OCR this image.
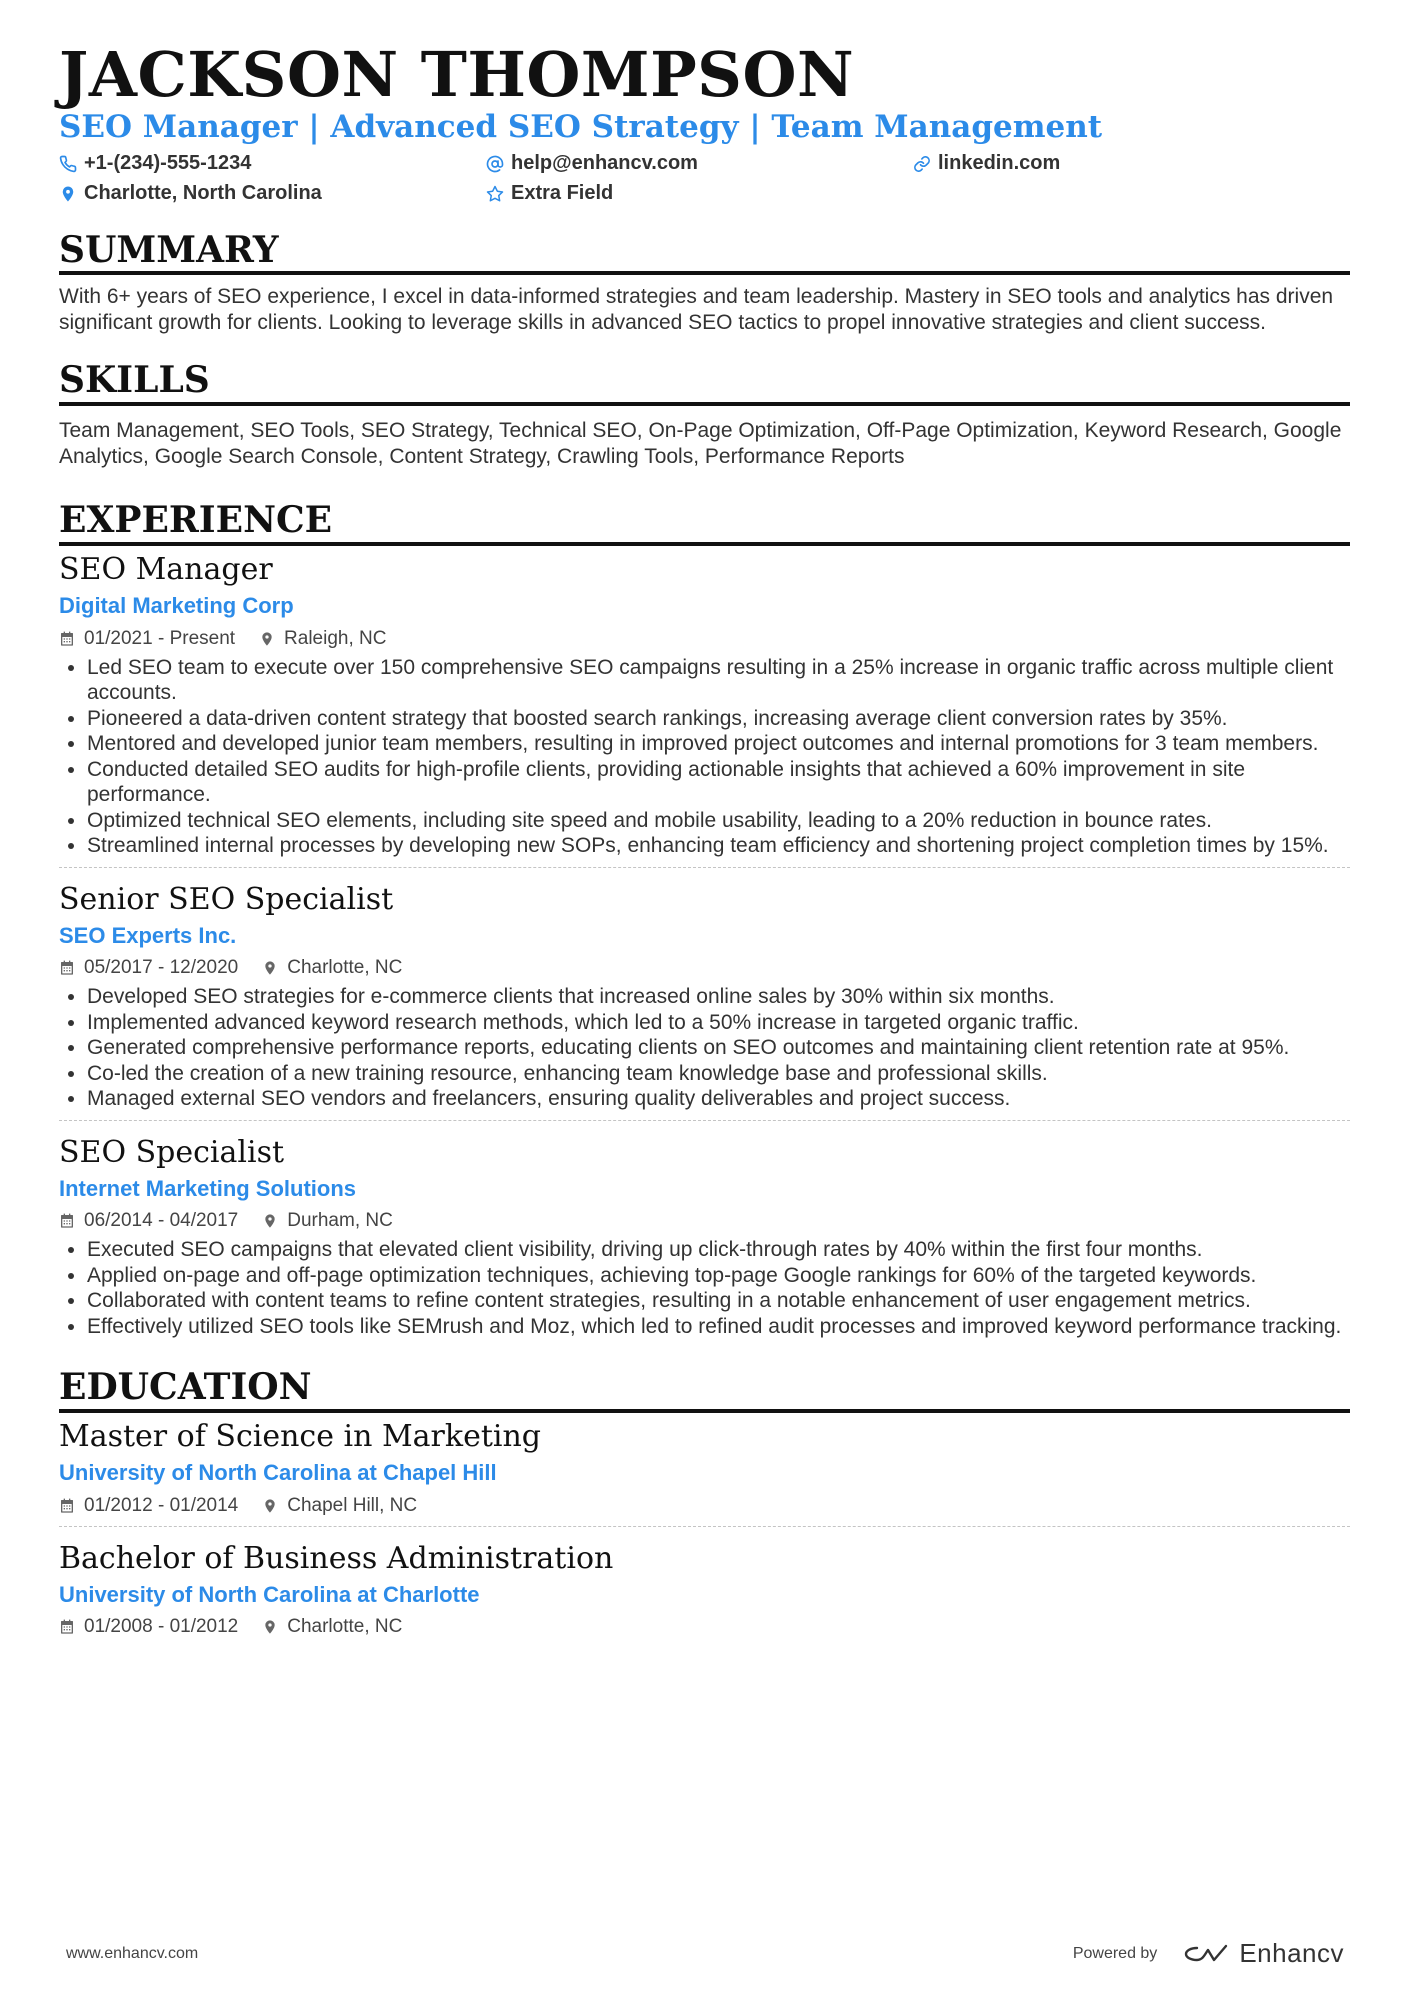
JACKSON THOMPSON
SEO Manager | Advanced SEO Strategy | Team Management
+1-(234)-555-1234	help@enhancv.com	linkedin.com
Charlotte, North Carolina	Extra Field
SUMMARY
With 6+ years of SEO experience, I excel in data-informed strategies and team leadership. Mastery in SEO tools and analytics has driven significant growth for clients. Looking to leverage skills in advanced SEO tactics to propel innovative strategies and client success.
SKILLS
Team Management, SEO Tools, SEO Strategy, Technical SEO, On-Page Optimization, Off-Page Optimization, Keyword Research, Google Analytics, Google Search Console, Content Strategy, Crawling Tools, Performance Reports
EXPERIENCE
SEO Manager
Digital Marketing Corp
01/2021 - Present	Raleigh, NC
• Led SEO team to execute over 150 comprehensive SEO campaigns resulting in a 25% increase in organic traffic across multiple client accounts.
• Pioneered a data-driven content strategy that boosted search rankings, increasing average client conversion rates by 35%.
• Mentored and developed junior team members, resulting in improved project outcomes and internal promotions for 3 team members.
• Conducted detailed SEO audits for high-profile clients, providing actionable insights that achieved a 60% improvement in site performance.
• Optimized technical SEO elements, including site speed and mobile usability, leading to a 20% reduction in bounce rates.
• Streamlined internal processes by developing new SOPs, enhancing team efficiency and shortening project completion times by 15%.
Senior SEO Specialist
SEO Experts Inc.
05/2017 - 12/2020	Charlotte, NC
• Developed SEO strategies for e-commerce clients that increased online sales by 30% within six months.
• Implemented advanced keyword research methods, which led to a 50% increase in targeted organic traffic.
• Generated comprehensive performance reports, educating clients on SEO outcomes and maintaining client retention rate at 95%.
• Co-led the creation of a new training resource, enhancing team knowledge base and professional skills.
• Managed external SEO vendors and freelancers, ensuring quality deliverables and project success.
SEO Specialist
Internet Marketing Solutions
06/2014 - 04/2017	Durham, NC
• Executed SEO campaigns that elevated client visibility, driving up click-through rates by 40% within the first four months.
• Applied on-page and off-page optimization techniques, achieving top-page Google rankings for 60% of the targeted keywords.
• Collaborated with content teams to refine content strategies, resulting in a notable enhancement of user engagement metrics.
• Effectively utilized SEO tools like SEMrush and Moz, which led to refined audit processes and improved keyword performance tracking.
EDUCATION
Master of Science in Marketing
University of North Carolina at Chapel Hill
01/2012 - 01/2014	Chapel Hill, NC
Bachelor of Business Administration
University of North Carolina at Charlotte
01/2008 - 01/2012	Charlotte, NC
www.enhancv.com	Powered by	Enhancv
